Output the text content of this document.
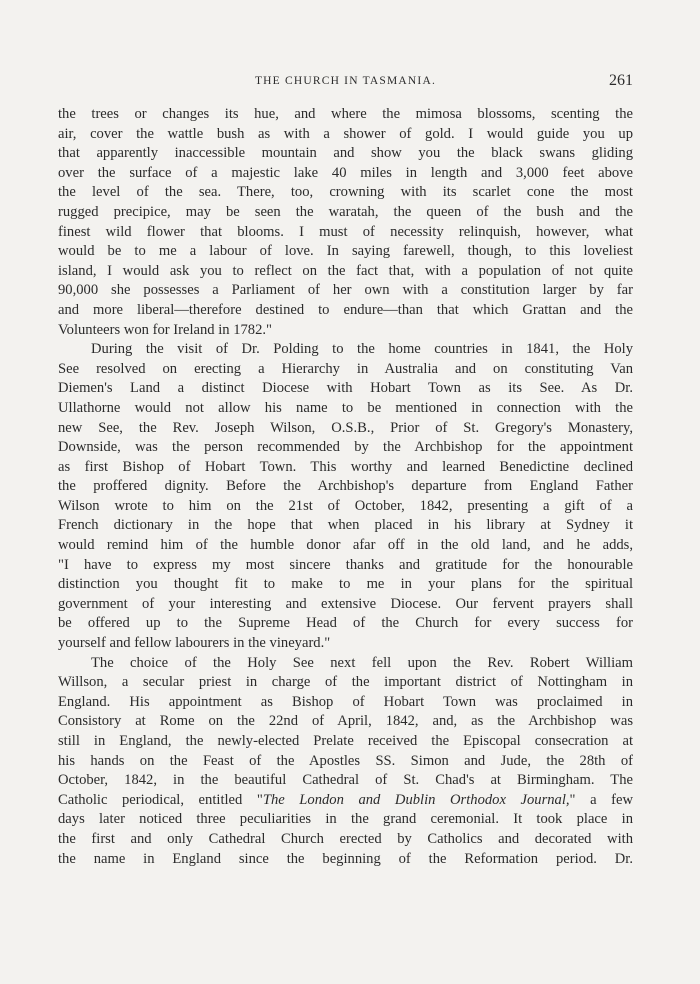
THE CHURCH IN TASMANIA.	261
the trees or changes its hue, and where the mimosa blossoms, scenting the
air, cover the wattle bush as with a shower of gold. I would guide you up
that apparently inaccessible mountain and show you the black swans gliding
over the surface of a majestic lake 40 miles in length and 3,000 feet above
the level of the sea. There, too, crowning with its scarlet cone the most
rugged precipice, may be seen the waratah, the queen of the bush and the
finest wild flower that blooms. I must of necessity relinquish, however, what
would be to me a labour of love. In saying farewell, though, to this loveliest
island, I would ask you to reflect on the fact that, with a population of not quite
90,000 she possesses a Parliament of her own with a constitution larger by far
and more liberal—therefore destined to endure—than that which Grattan and the
Volunteers won for Ireland in 1782."
During the visit of Dr. Polding to the home countries in 1841, the Holy
See resolved on erecting a Hierarchy in Australia and on constituting Van
Diemen's Land a distinct Diocese with Hobart Town as its See. As Dr.
Ullathorne would not allow his name to be mentioned in connection with the
new See, the Rev. Joseph Wilson, O.S.B., Prior of St. Gregory's Monastery,
Downside, was the person recommended by the Archbishop for the appointment
as first Bishop of Hobart Town. This worthy and learned Benedictine declined
the proffered dignity. Before the Archbishop's departure from England Father
Wilson wrote to him on the 21st of October, 1842, presenting a gift of a
French dictionary in the hope that when placed in his library at Sydney it
would remind him of the humble donor afar off in the old land, and he adds,
"I have to express my most sincere thanks and gratitude for the honourable
distinction you thought fit to make to me in your plans for the spiritual
government of your interesting and extensive Diocese. Our fervent prayers shall
be offered up to the Supreme Head of the Church for every success for
yourself and fellow labourers in the vineyard."
The choice of the Holy See next fell upon the Rev. Robert William
Willson, a secular priest in charge of the important district of Nottingham in
England. His appointment as Bishop of Hobart Town was proclaimed in
Consistory at Rome on the 22nd of April, 1842, and, as the Archbishop was
still in England, the newly-elected Prelate received the Episcopal consecration at
his hands on the Feast of the Apostles SS. Simon and Jude, the 28th of
October, 1842, in the beautiful Cathedral of St. Chad's at Birmingham. The
Catholic periodical, entitled "The London and Dublin Orthodox Journal," a few
days later noticed three peculiarities in the grand ceremonial. It took place in
the first and only Cathedral Church erected by Catholics and decorated with
the name in England since the beginning of the Reformation period. Dr.
